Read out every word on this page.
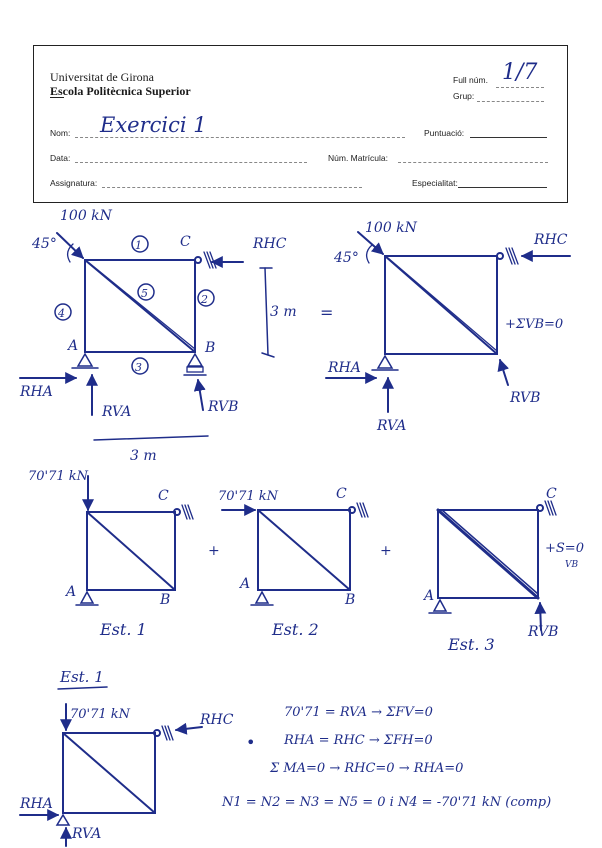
Universitat de Girona
Escola Politècnica Superior
Full núm. 1/7
Grup:
Nom: Exercici 1	Puntuació:
Data:	Núm. Matrícula:
Assignatura:	Especialitat:
100 kN
45°	1
2
3
4
5
C
A	B
RHC
3 m
3 m
RHA
RVA	RVB
=
100 kN
45°
RHC
+ΣVB=0
RHA
RVA
RVB
70'71 kN
C
A	B
Est. 1
+
70'71 kN	C
A
B
Est. 2
+
C
A
+S=0
VB
RVB
Est. 3
Est. 1
70'71 kN	RHC
RHA
RVA
•
70'71 = RVA → ΣFV=0
RHA = RHC → ΣFH=0
Σ MA=0 → RHC=0 → RHA=0
N1 = N2 = N3 = N5 = 0 i N4 = -70'71 kN (comp)
